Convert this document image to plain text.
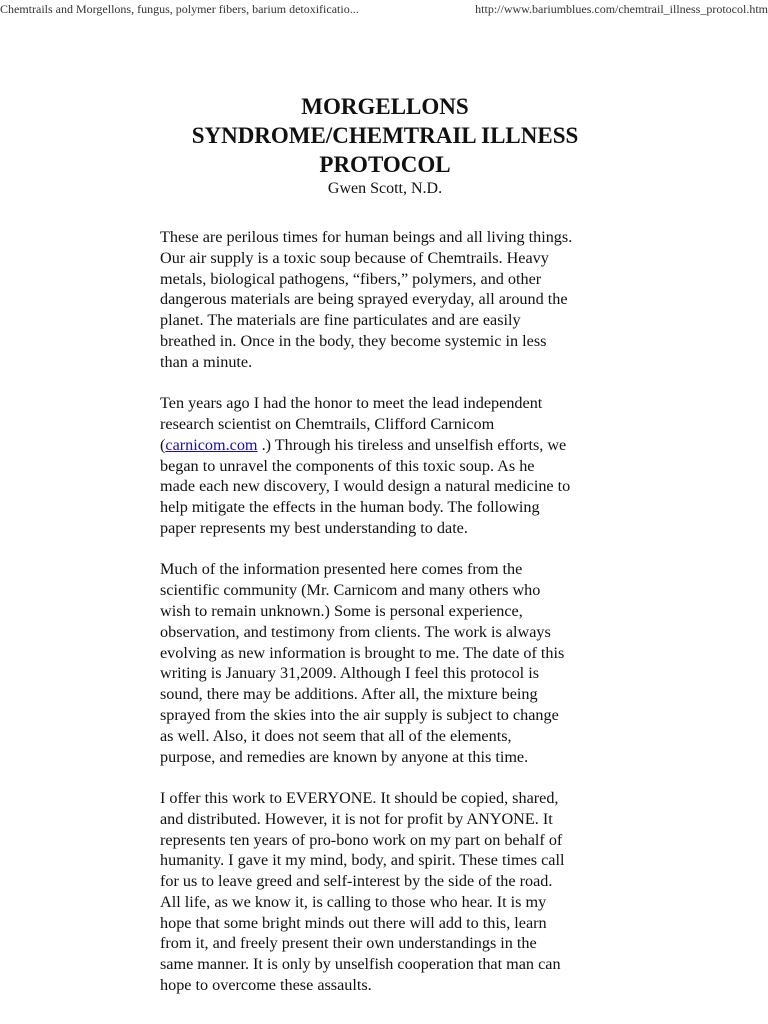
Chemtrails and Morgellons, fungus, polymer fibers, barium detoxificatio...	http://www.bariumblues.com/chemtrail_illness_protocol.htm
MORGELLONS
SYNDROME/CHEMTRAIL ILLNESS
PROTOCOL

Gwen Scott, N.D.

These are perilous times for human beings and all living things.
Our air supply is a toxic soup because of Chemtrails. Heavy
metals, biological pathogens, “fibers,” polymers, and other
dangerous materials are being sprayed everyday, all around the
planet. The materials are fine particulates and are easily
breathed in. Once in the body, they become systemic in less
than a minute.

Ten years ago I had the honor to meet the lead independent
research scientist on Chemtrails, Clifford Carnicom
(carnicom.com .) Through his tireless and unselfish efforts, we
began to unravel the components of this toxic soup. As he
made each new discovery, I would design a natural medicine to
help mitigate the effects in the human body. The following
paper represents my best understanding to date.

Much of the information presented here comes from the
scientific community (Mr. Carnicom and many others who
wish to remain unknown.) Some is personal experience,
observation, and testimony from clients. The work is always
evolving as new information is brought to me. The date of this
writing is January 31,2009. Although I feel this protocol is
sound, there may be additions. After all, the mixture being
sprayed from the skies into the air supply is subject to change
as well. Also, it does not seem that all of the elements,
purpose, and remedies are known by anyone at this time.

I offer this work to EVERYONE. It should be copied, shared,
and distributed. However, it is not for profit by ANYONE. It
represents ten years of pro-bono work on my part on behalf of
humanity. I gave it my mind, body, and spirit. These times call
for us to leave greed and self-interest by the side of the road.
All life, as we know it, is calling to those who hear. It is my
hope that some bright minds out there will add to this, learn
from it, and freely present their own understandings in the
same manner. It is only by unselfish cooperation that man can
hope to overcome these assaults.
